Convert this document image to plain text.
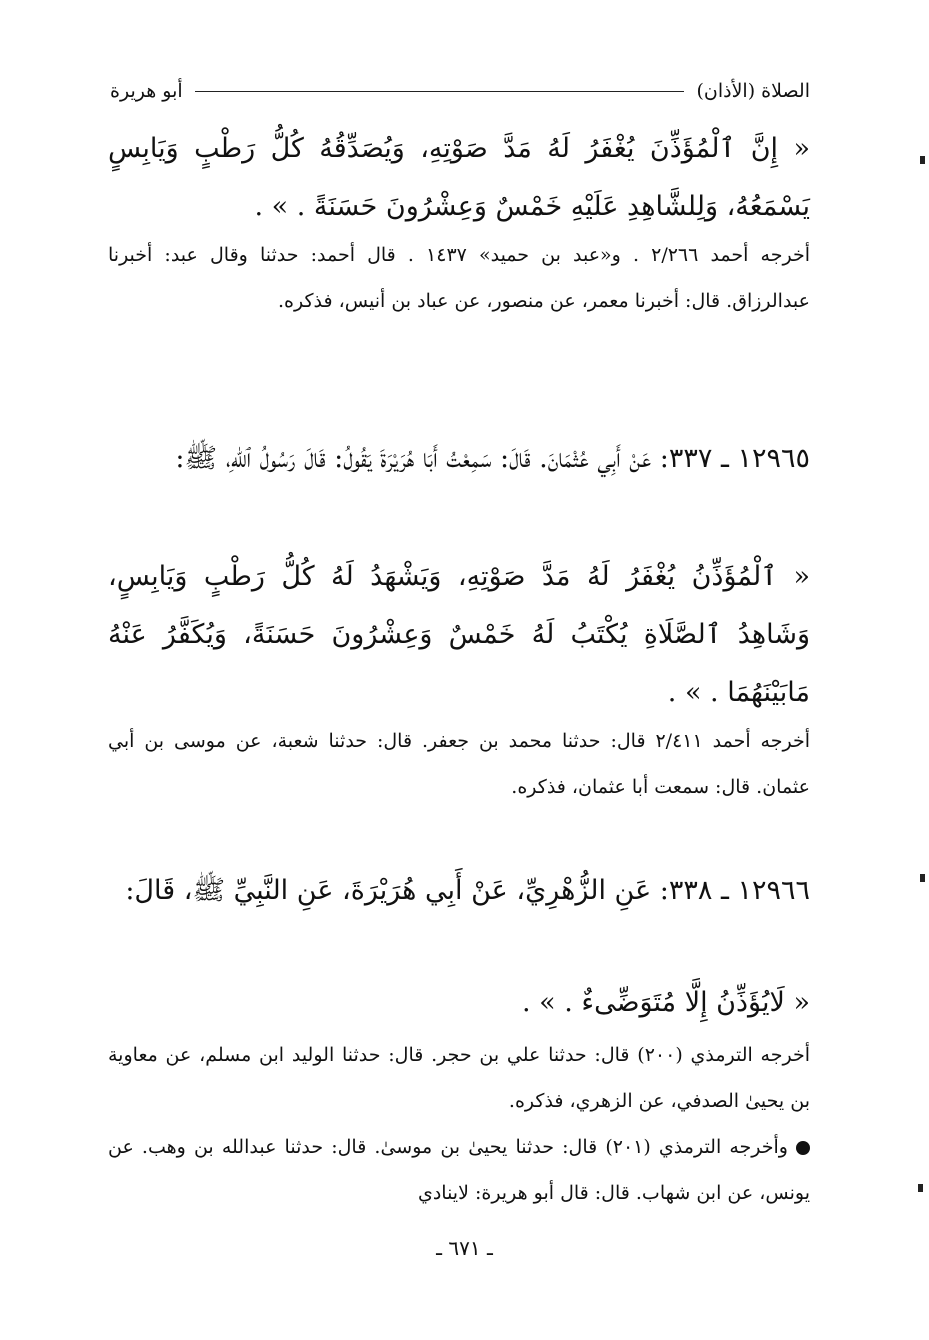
الصلاة (الأذان)
أبو هريرة
« إِنَّ ٱلْمُؤَذِّنَ يُغْفَرُ لَهُ مَدَّ صَوْتِهِ، وَيُصَدِّقُهُ كُلُّ رَطْبٍ وَيَابِسٍ يَسْمَعُهُ، وَلِلشَّاهِدِ عَلَيْهِ خَمْسٌ وَعِشْرُونَ حَسَنَةً . » .
أخرجه أحمد ٢/٢٦٦ . و«عبد بن حميد» ١٤٣٧ . قال أحمد: حدثنا وقال عبد: أخبرنا عبدالرزاق. قال: أخبرنا معمر، عن منصور، عن عباد بن أنيس، فذكره.
١٢٩٦٥ ـ ٣٣٧: عَنْ أَبِي عُثْمَانَ. قَالَ: سَمِعْتُ أَبَا هُرَيْرَةَ يَقُولُ: قَالَ رَسُولُ ٱللهِ، ﷺ:
« ٱلْمُؤَذِّنُ يُغْفَرُ لَهُ مَدَّ صَوْتِهِ، وَيَشْهَدُ لَهُ كُلُّ رَطْبٍ وَيَابِسٍ، وَشَاهِدُ ٱلصَّلَاةِ يُكْتَبُ لَهُ خَمْسٌ وَعِشْرُونَ حَسَنَةً، وَيُكَفَّرُ عَنْهُ مَابَيْنَهُمَا . » .
أخرجه أحمد ٢/٤١١ قال: حدثنا محمد بن جعفر. قال: حدثنا شعبة، عن موسى بن أبي عثمان. قال: سمعت أبا عثمان، فذكره.
١٢٩٦٦ ـ ٣٣٨: عَنِ الزُّهْرِيِّ، عَنْ أَبِي هُرَيْرَةَ، عَنِ النَّبِيِّ ﷺ، قَالَ:
« لَايُؤَذِّنُ إِلَّا مُتَوَضِّىءٌ . » .
أخرجه الترمذي (٢٠٠) قال: حدثنا علي بن حجر. قال: حدثنا الوليد ابن مسلم، عن معاوية بن يحيىٰ الصدفي، عن الزهري، فذكره.
وأخرجه الترمذي (٢٠١) قال: حدثنا يحيىٰ بن موسىٰ. قال: حدثنا عبدالله بن وهب. عن يونس، عن ابن شهاب. قال: قال أبو هريرة: لاينادي
ـ ٦٧١ ـ
